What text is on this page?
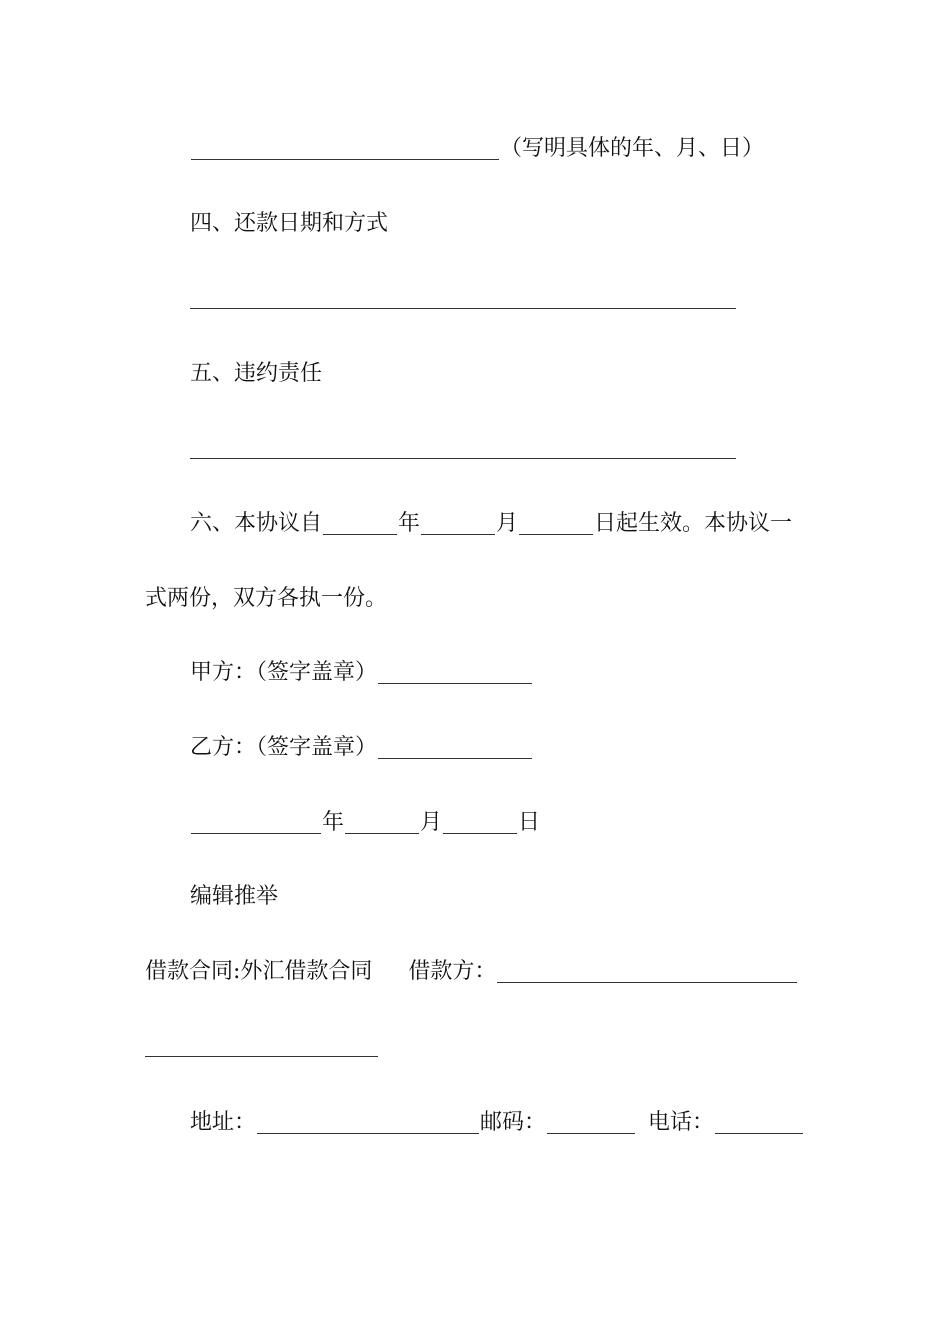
（写明具体的年、月、日）
四、还款日期和方式
五、违约责任
六、本协议自	年	月	日起生效。本协议一
式两份，双方各执一份。
甲方：（签字盖章）
乙方：（签字盖章）
年	月	日
编辑推举
借款合同:外汇借款合同 借款方：
地址：	邮码：	电话：
